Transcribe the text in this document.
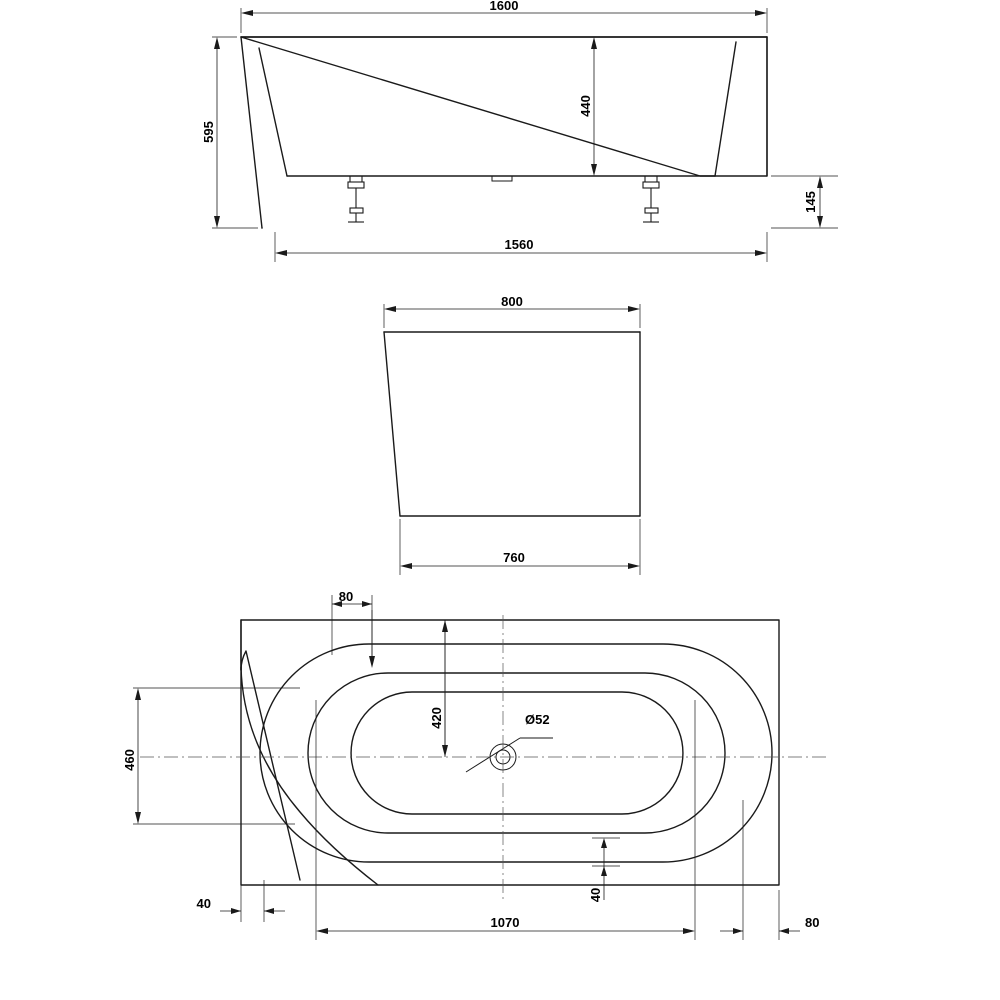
1600
595
440
145
1560
800
760
Ø52
80
420
460
40
1070
40
80
